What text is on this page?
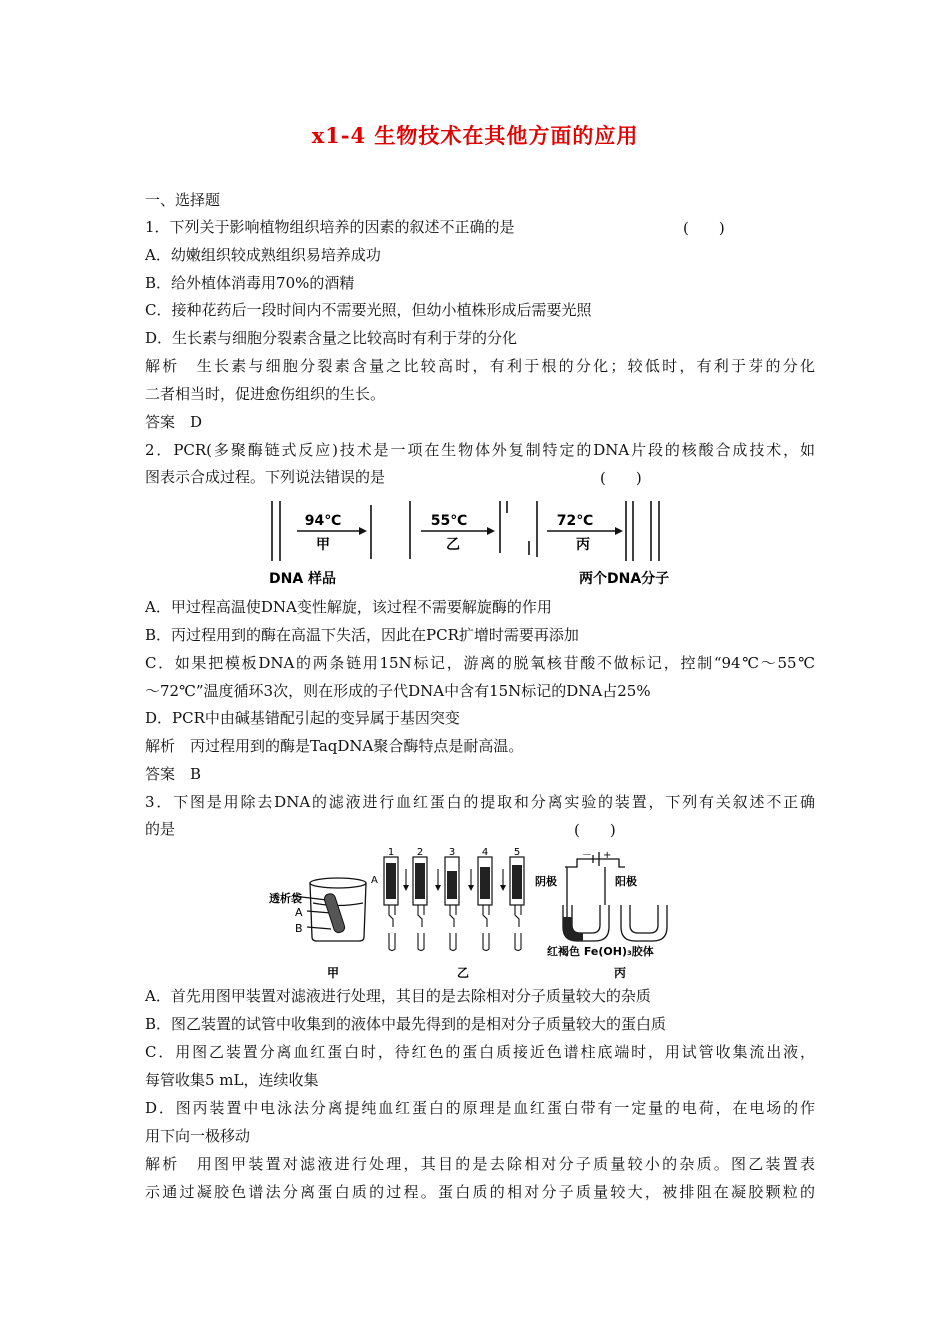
x1-4 生物技术在其他方面的应用
一、选择题
1．下列关于影响植物组织培养的因素的叙述不正确的是	(　　)
A．幼嫩组织较成熟组织易培养成功
B．给外植体消毒用70%的酒精
C．接种花药后一段时间内不需要光照，但幼小植株形成后需要光照
D．生长素与细胞分裂素含量之比较高时有利于芽的分化
解析　生长素与细胞分裂素含量之比较高时，有利于根的分化；较低时，有利于芽的分化
二者相当时，促进愈伤组织的生长。
答案　D
2．PCR(多聚酶链式反应)技术是一项在生物体外复制特定的DNA片段的核酸合成技术，如
图表示合成过程。下列说法错误的是	(　　)
94℃
甲
55℃
乙
72℃
丙
DNA 样品	两个DNA分子
A．甲过程高温使DNA变性解旋，该过程不需要解旋酶的作用
B．丙过程用到的酶在高温下失活，因此在PCR扩增时需要再添加
C．如果把模板DNA的两条链用15N标记，游离的脱氧核苷酸不做标记，控制“94℃～55℃
～72℃”温度循环3次，则在形成的子代DNA中含有15N标记的DNA占25%
D．PCR中由碱基错配引起的变异属于基因突变
解析　丙过程用到的酶是TaqDNA聚合酶特点是耐高温。
答案　B
3．下图是用除去DNA的滤液进行血红蛋白的提取和分离实验的装置，下列有关叙述不正确
的是	(　　)
透析袋
A
B
1 2	3	4	5
A	阴极	阳极
－ +
红褐色 Fe(OH)₃胶体
甲	乙	丙
A．首先用图甲装置对滤液进行处理，其目的是去除相对分子质量较大的杂质
B．图乙装置的试管中收集到的液体中最先得到的是相对分子质量较大的蛋白质
C．用图乙装置分离血红蛋白时，待红色的蛋白质接近色谱柱底端时，用试管收集流出液，
每管收集5 mL，连续收集
D．图丙装置中电泳法分离提纯血红蛋白的原理是血红蛋白带有一定量的电荷，在电场的作
用下向一极移动
解析　用图甲装置对滤液进行处理，其目的是去除相对分子质量较小的杂质。图乙装置表
示通过凝胶色谱法分离蛋白质的过程。蛋白质的相对分子质量较大，被排阻在凝胶颗粒的
